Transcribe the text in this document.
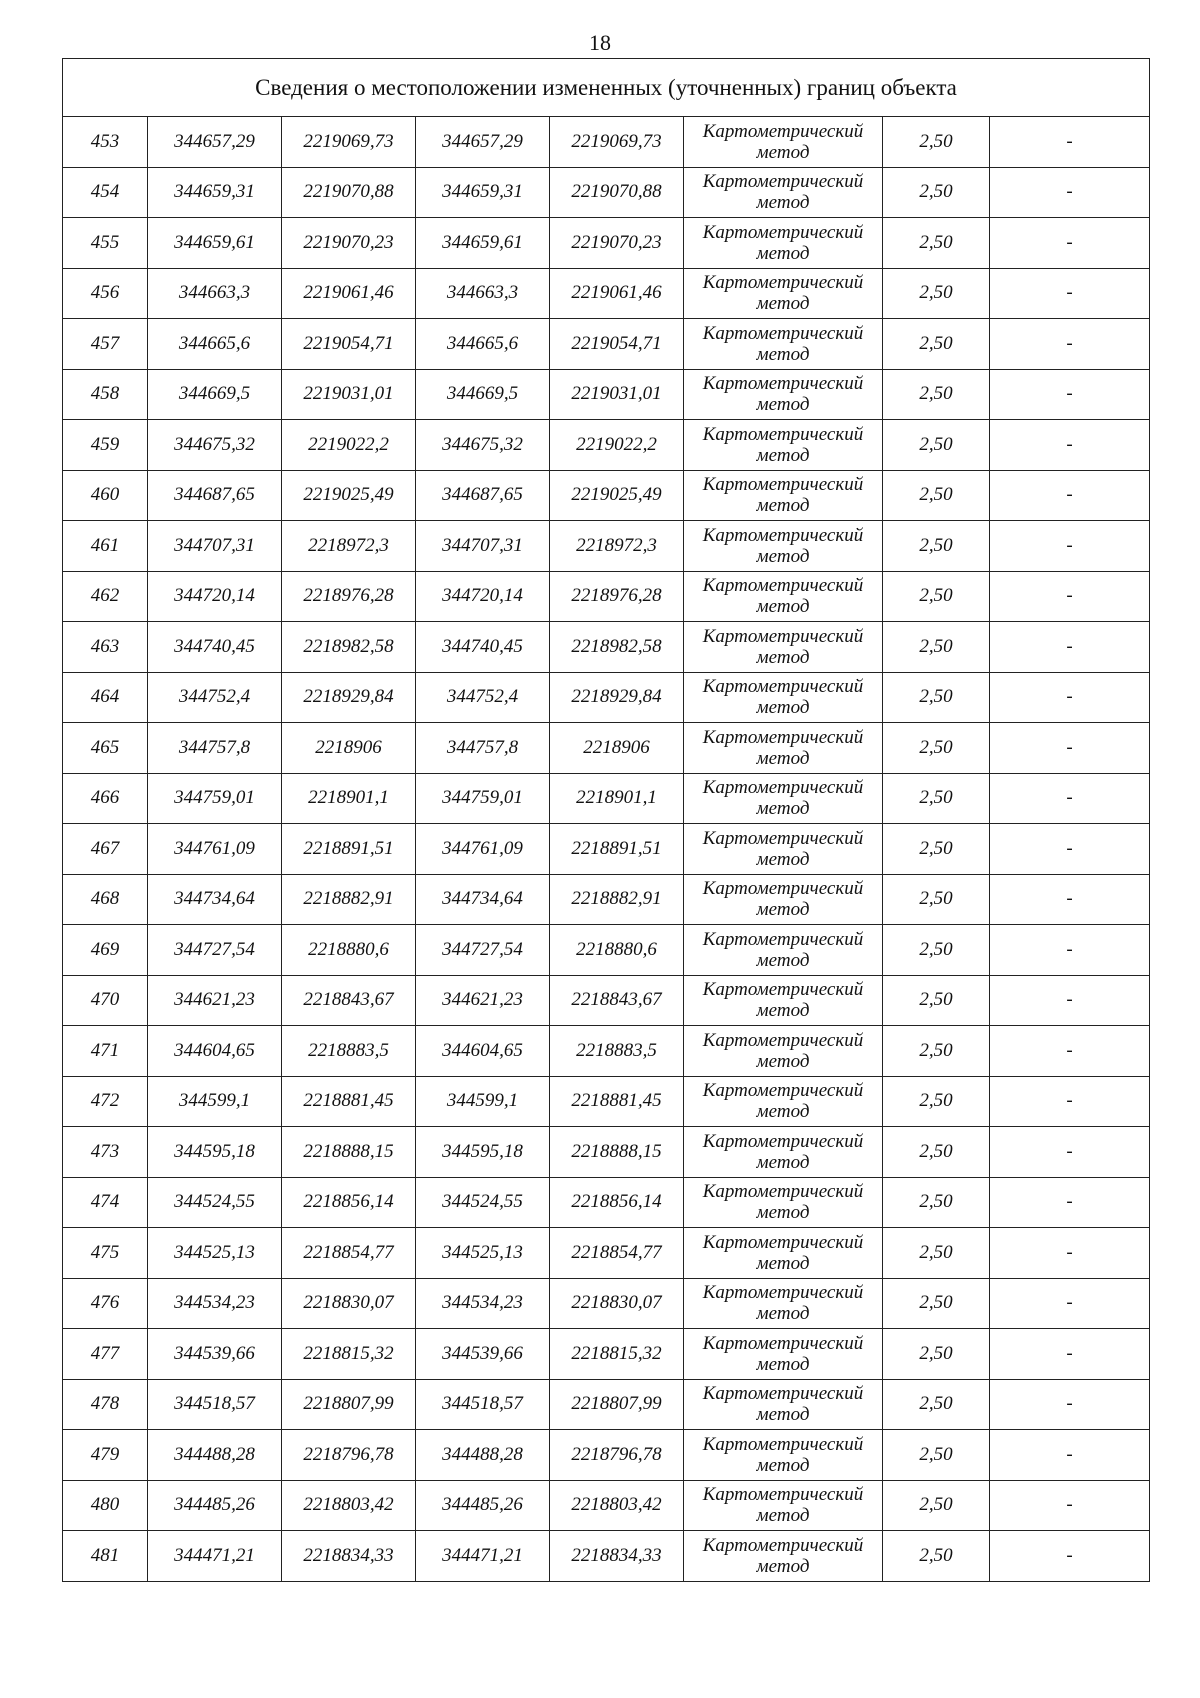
18
Сведения о местоположении измененных (уточненных) границ объекта							
453	344657,29	2219069,73	344657,29	2219069,73	Картометрический
метод	2,50	-
454	344659,31	2219070,88	344659,31	2219070,88	Картометрический
метод	2,50	-
455	344659,61	2219070,23	344659,61	2219070,23	Картометрический
метод	2,50	-
456	344663,3	2219061,46	344663,3	2219061,46	Картометрический
метод	2,50	-
457	344665,6	2219054,71	344665,6	2219054,71	Картометрический
метод	2,50	-
458	344669,5	2219031,01	344669,5	2219031,01	Картометрический
метод	2,50	-
459	344675,32	2219022,2	344675,32	2219022,2	Картометрический
метод	2,50	-
460	344687,65	2219025,49	344687,65	2219025,49	Картометрический
метод	2,50	-
461	344707,31	2218972,3	344707,31	2218972,3	Картометрический
метод	2,50	-
462	344720,14	2218976,28	344720,14	2218976,28	Картометрический
метод	2,50	-
463	344740,45	2218982,58	344740,45	2218982,58	Картометрический
метод	2,50	-
464	344752,4	2218929,84	344752,4	2218929,84	Картометрический
метод	2,50	-
465	344757,8	2218906	344757,8	2218906	Картометрический
метод	2,50	-
466	344759,01	2218901,1	344759,01	2218901,1	Картометрический
метод	2,50	-
467	344761,09	2218891,51	344761,09	2218891,51	Картометрический
метод	2,50	-
468	344734,64	2218882,91	344734,64	2218882,91	Картометрический
метод	2,50	-
469	344727,54	2218880,6	344727,54	2218880,6	Картометрический
метод	2,50	-
470	344621,23	2218843,67	344621,23	2218843,67	Картометрический
метод	2,50	-
471	344604,65	2218883,5	344604,65	2218883,5	Картометрический
метод	2,50	-
472	344599,1	2218881,45	344599,1	2218881,45	Картометрический
метод	2,50	-
473	344595,18	2218888,15	344595,18	2218888,15	Картометрический
метод	2,50	-
474	344524,55	2218856,14	344524,55	2218856,14	Картометрический
метод	2,50	-
475	344525,13	2218854,77	344525,13	2218854,77	Картометрический
метод	2,50	-
476	344534,23	2218830,07	344534,23	2218830,07	Картометрический
метод	2,50	-
477	344539,66	2218815,32	344539,66	2218815,32	Картометрический
метод	2,50	-
478	344518,57	2218807,99	344518,57	2218807,99	Картометрический
метод	2,50	-
479	344488,28	2218796,78	344488,28	2218796,78	Картометрический
метод	2,50	-
480	344485,26	2218803,42	344485,26	2218803,42	Картометрический
метод	2,50	-
481	344471,21	2218834,33	344471,21	2218834,33	Картометрический
метод	2,50	-
